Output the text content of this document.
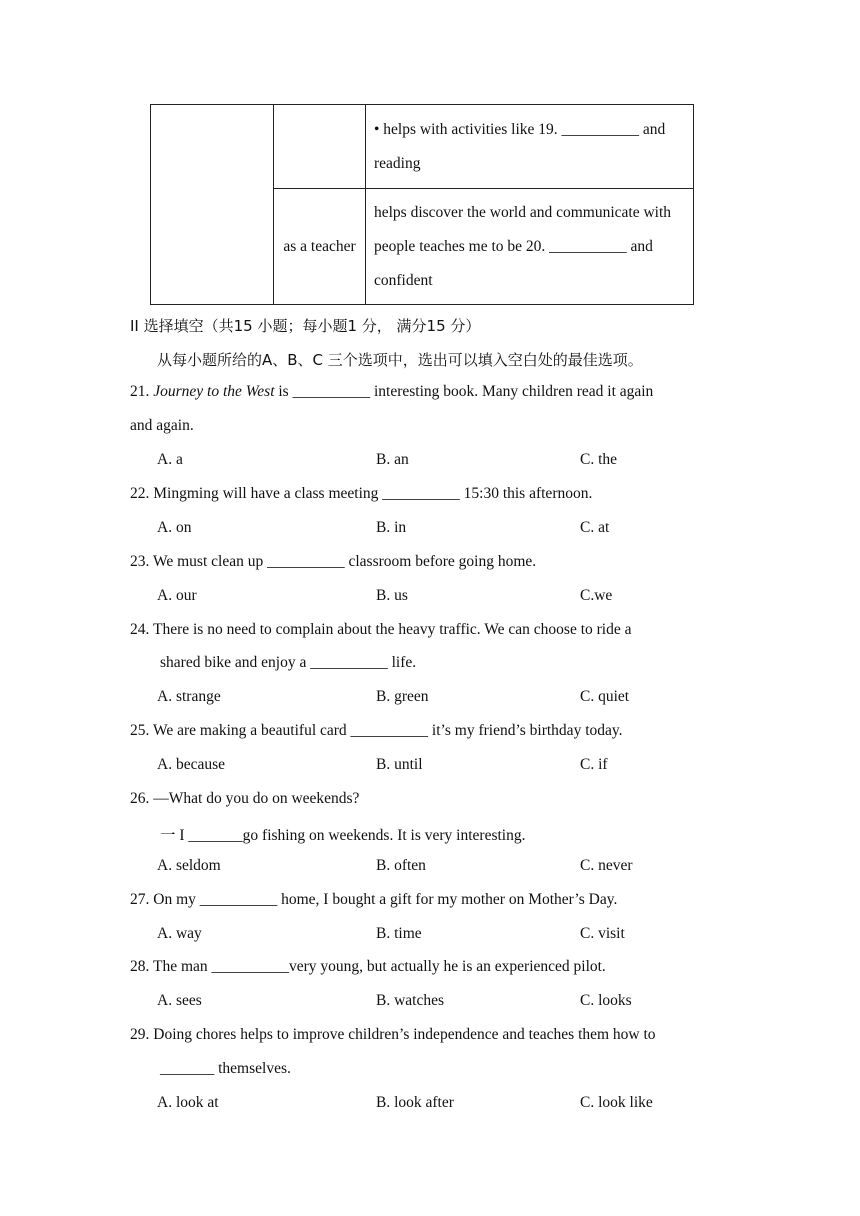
		• helps with activities like 19. __________ and reading
	as a teacher	helps discover the world and communicate with people teaches me to be 20. __________ and confident
II 选择填空（共15 小题；每小题1 分， 满分15 分）
从每小题所给的A、B、C 三个选项中，选出可以填入空白处的最佳选项。
21. Journey to the West is __________ interesting book. Many children read it again
and again.
A. a	B. an	C. the
22. Mingming will have a class meeting __________ 15:30 this afternoon.
A. on	B. in	C. at
23. We must clean up __________ classroom before going home.
A. our	B. us	C.we
24. There is no need to complain about the heavy traffic. We can choose to ride a
shared bike and enjoy a __________ life.
A. strange	B. green	C. quiet
25. We are making a beautiful card __________ it’s my friend’s birthday today.
A. because	B. until	C. if
26. —What do you do on weekends?
一 I _______go fishing on weekends. It is very interesting.
A. seldom	B. often	C. never
27. On my __________ home, I bought a gift for my mother on Mother’s Day.
A. way	B. time	C. visit
28. The man __________very young, but actually he is an experienced pilot.
A. sees	B. watches	C. looks
29. Doing chores helps to improve children’s independence and teaches them how to
_______ themselves.
A. look at	B. look after	C. look like
